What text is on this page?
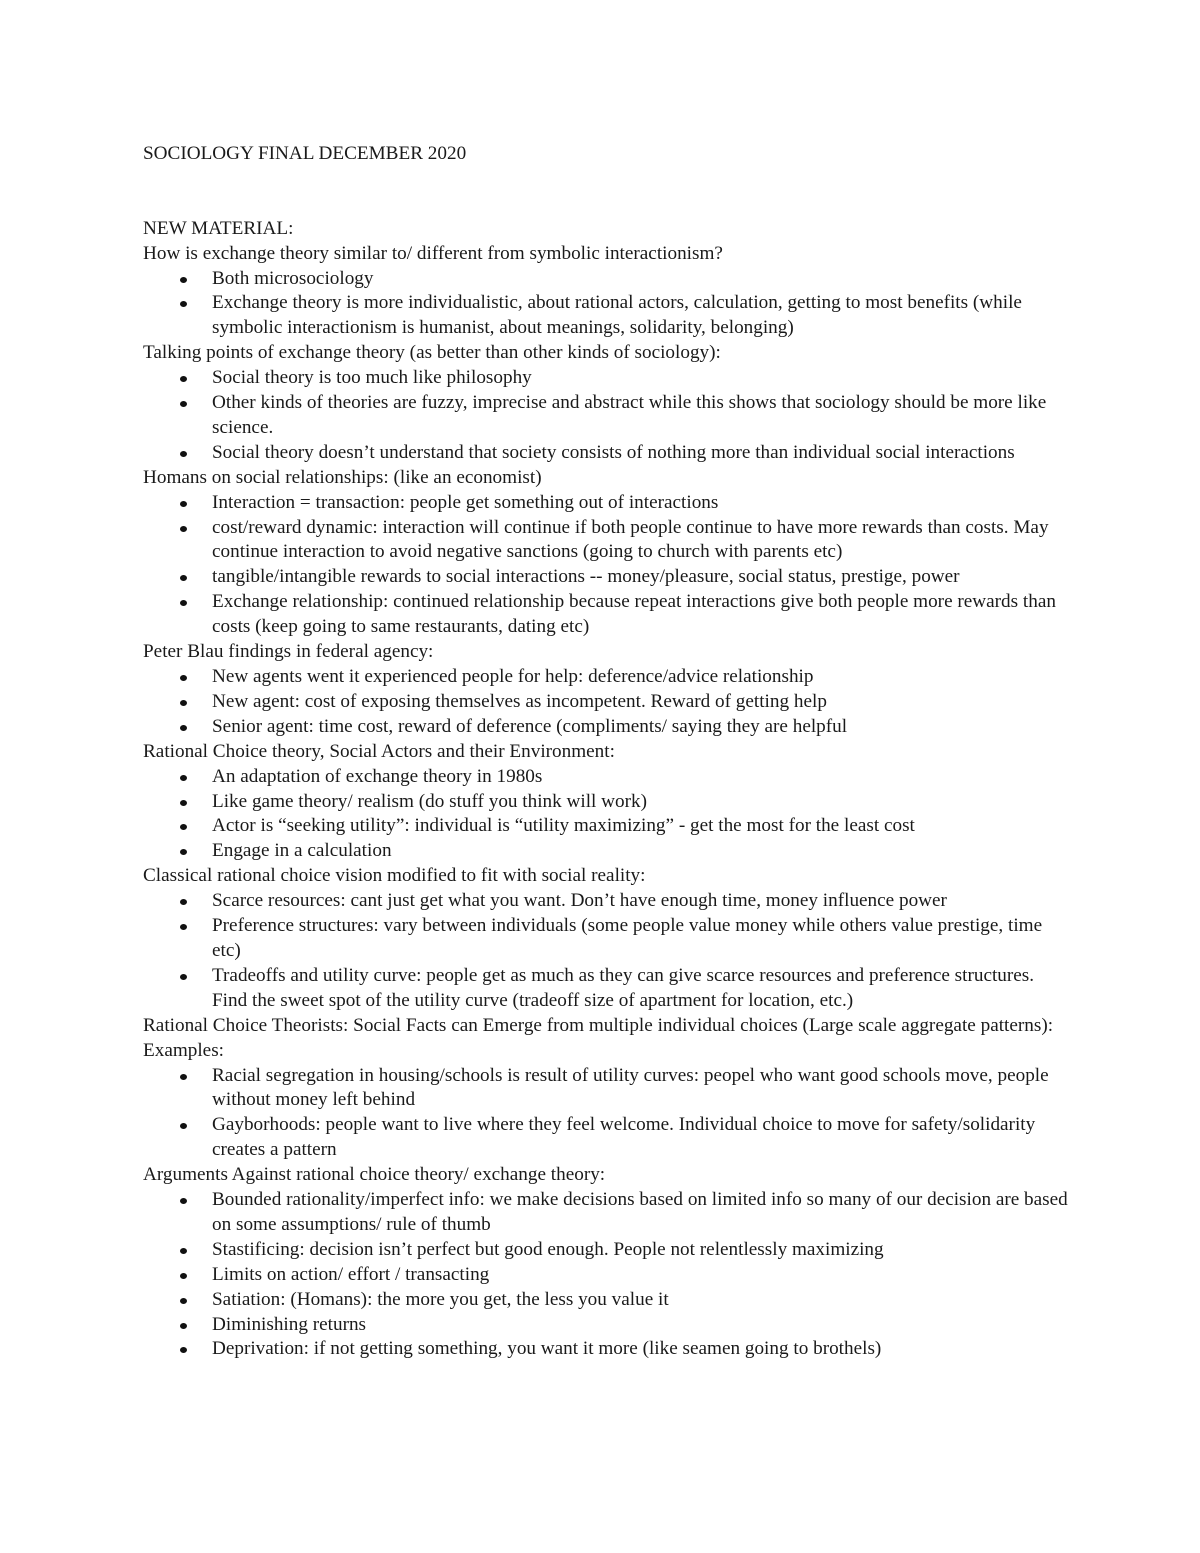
SOCIOLOGY FINAL DECEMBER 2020

NEW MATERIAL:

How is exchange theory similar to/ different from symbolic interactionism?

Both microsociology
Exchange theory is more individualistic, about rational actors, calculation, getting to most benefits (while symbolic interactionism is humanist, about meanings, solidarity, belonging)

Talking points of exchange theory (as better than other kinds of sociology):

Social theory is too much like philosophy
Other kinds of theories are fuzzy, imprecise and abstract while this shows that sociology should be more like science.
Social theory doesn’t understand that society consists of nothing more than individual social interactions

Homans on social relationships: (like an economist)

Interaction = transaction: people get something out of interactions
cost/reward dynamic: interaction will continue if both people continue to have more rewards than costs. May continue interaction to avoid negative sanctions (going to church with parents etc)
tangible/intangible rewards to social interactions -- money/pleasure, social status, prestige, power
Exchange relationship: continued relationship because repeat interactions give both people more rewards than costs (keep going to same restaurants, dating etc)

Peter Blau findings in federal agency:

New agents went it experienced people for help: deference/advice relationship
New agent: cost of exposing themselves as incompetent. Reward of getting help
Senior agent: time cost, reward of deference (compliments/ saying they are helpful

Rational Choice theory, Social Actors and their Environment:

An adaptation of exchange theory in 1980s
Like game theory/ realism (do stuff you think will work)
Actor is “seeking utility”: individual is “utility maximizing” - get the most for the least cost
Engage in a calculation

Classical rational choice vision modified to fit with social reality:

Scarce resources: cant just get what you want. Don’t have enough time, money influence power
Preference structures: vary between individuals (some people value money while others value prestige, time etc)
Tradeoffs and utility curve: people get as much as they can give scarce resources and preference structures. Find the sweet spot of the utility curve (tradeoff size of apartment for location, etc.)

Rational Choice Theorists: Social Facts can Emerge from multiple individual choices (Large scale aggregate patterns): Examples:

Racial segregation in housing/schools is result of utility curves: peopel who want good schools move, people without money left behind
Gayborhoods: people want to live where they feel welcome. Individual choice to move for safety/solidarity creates a pattern

Arguments Against rational choice theory/ exchange theory:

Bounded rationality/imperfect info: we make decisions based on limited info so many of our decision are based on some assumptions/ rule of thumb
Stastificing: decision isn’t perfect but good enough. People not relentlessly maximizing
Limits on action/ effort / transacting
Satiation: (Homans): the more you get, the less you value it
Diminishing returns
Deprivation: if not getting something, you want it more (like seamen going to brothels)
